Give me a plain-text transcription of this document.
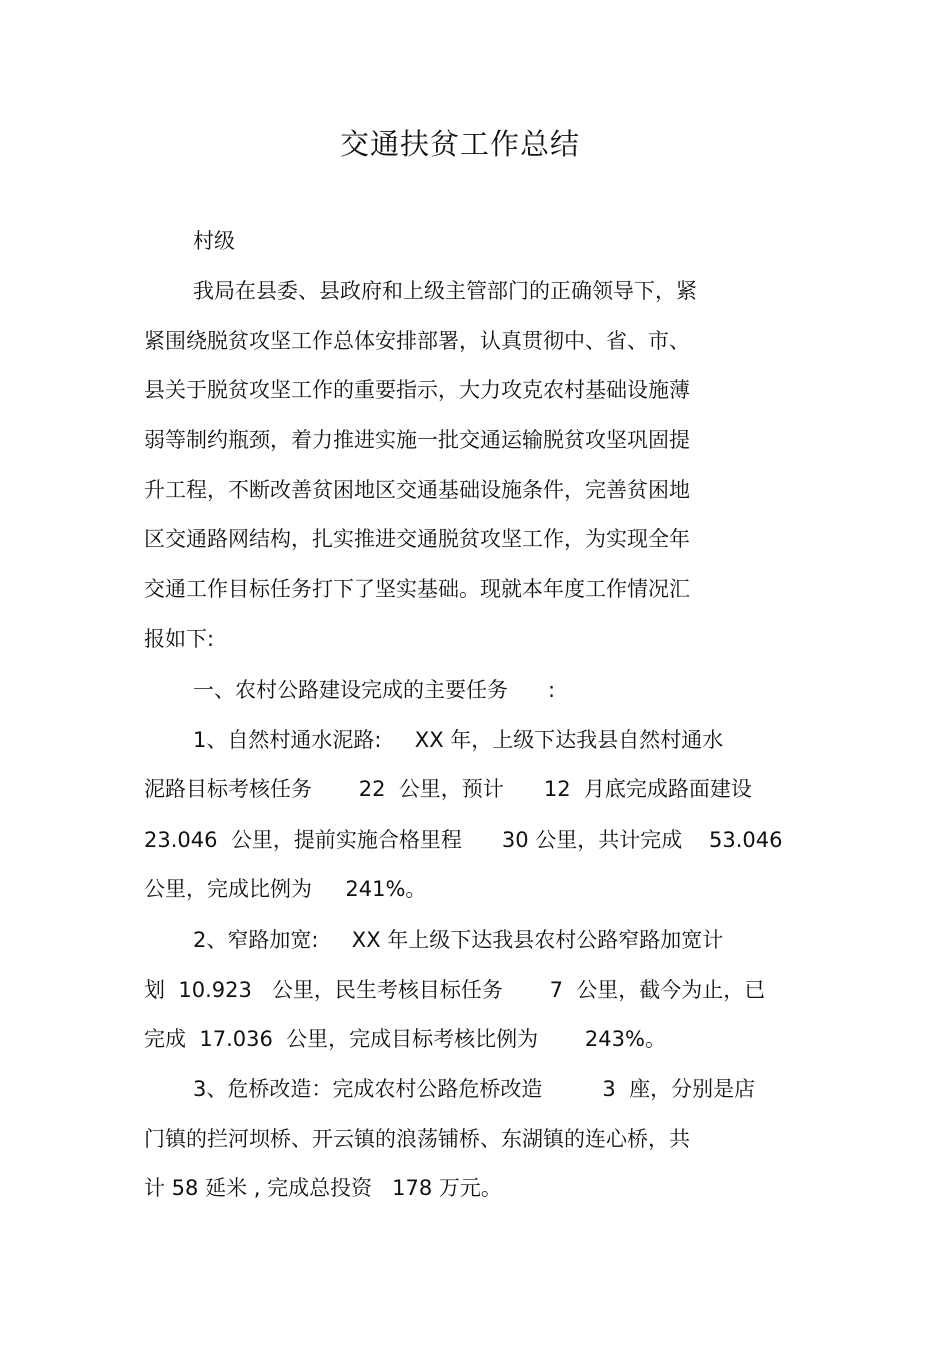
交通扶贫工作总结

村级

我局在县委、县政府和上级主管部门的正确领导下，紧

紧围绕脱贫攻坚工作总体安排部署，认真贯彻中、省、市、

县关于脱贫攻坚工作的重要指示，大力攻克农村基础设施薄

弱等制约瓶颈，着力推进实施一批交通运输脱贫攻坚巩固提

升工程，不断改善贫困地区交通基础设施条件，完善贫困地

区交通路网结构，扎实推进交通脱贫攻坚工作，为实现全年

交通工作目标任务打下了坚实基础。现就本年度工作情况汇

报如下:

一、农村公路建设完成的主要任务      :

1、自然村通水泥路:     XX 年，上级下达我县自然村通水

泥路目标考核任务       22  公里，预计      12  月底完成路面建设

23.046  公里，提前实施合格里程      30 公里，共计完成    53.046

公里，完成比例为     241%。

2、窄路加宽:     XX 年上级下达我县农村公路窄路加宽计

划  10.923   公里，民生考核目标任务       7  公里，截今为止，已

完成  17.036  公里，完成目标考核比例为       243%。

3、危桥改造：完成农村公路危桥改造         3  座，分别是店

门镇的拦河坝桥、开云镇的浪荡铺桥、东湖镇的连心桥，共

计 58 延米 , 完成总投资   178 万元。
